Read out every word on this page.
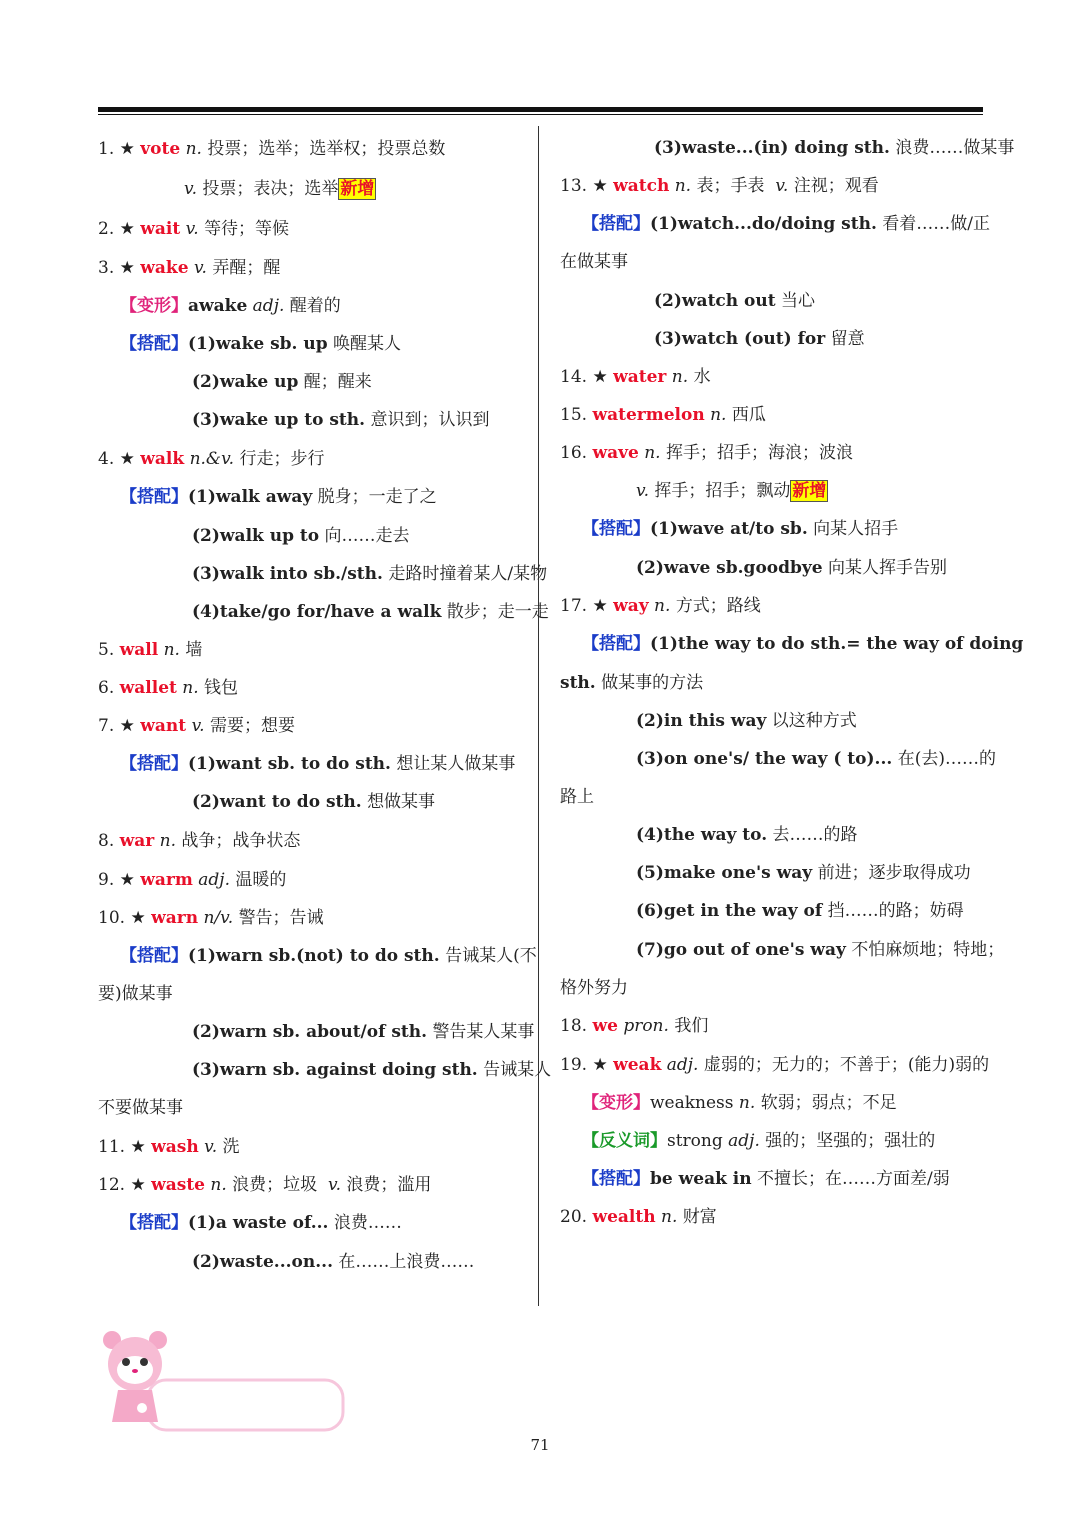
1. ★ vote n. 投票；选举；选举权；投票总数
v. 投票；表决；选举 新增
2. ★ wait v. 等待；等候
3. ★ wake v. 弄醒；醒
【变形】awake adj. 醒着的
【搭配】(1)wake sb. up 唤醒某人
(2)wake up 醒；醒来
(3)wake up to sth. 意识到；认识到
4. ★ walk n.&v. 行走；步行
【搭配】(1)walk away 脱身；一走了之
(2)walk up to 向……走去
(3)walk into sb./sth. 走路时撞着某人/某物
(4)take/go for/have a walk 散步；走一走
5. wall n. 墙
6. wallet n. 钱包
7. ★ want v. 需要；想要
【搭配】(1)want sb. to do sth. 想让某人做某事
(2)want to do sth. 想做某事
8. war n. 战争；战争状态
9. ★ warm adj. 温暖的
10. ★ warn n/v. 警告；告诫
【搭配】(1)warn sb.(not) to do sth. 告诫某人(不
要)做某事
(2)warn sb. about/of sth. 警告某人某事
(3)warn sb. against doing sth. 告诫某人
不要做某事
11. ★ wash v. 洗
12. ★ waste n. 浪费；垃圾 v. 浪费；滥用
【搭配】(1)a waste of... 浪费……
(2)waste...on... 在……上浪费……
(3)waste...(in) doing sth. 浪费……做某事
13. ★ watch n. 表；手表 v. 注视；观看
【搭配】(1)watch...do/doing sth. 看着……做/正
在做某事
(2)watch out 当心
(3)watch (out) for 留意
14. ★ water n. 水
15. watermelon n. 西瓜
16. wave n. 挥手；招手；海浪；波浪
v. 挥手；招手；飘动 新增
【搭配】(1)wave at/to sb. 向某人招手
(2)wave sb.goodbye 向某人挥手告别
17. ★ way n. 方式；路线
【搭配】(1)the way to do sth.= the way of doing
sth. 做某事的方法
(2)in this way 以这种方式
(3)on one's/ the way ( to)... 在(去)……的
路上
(4)the way to. 去……的路
(5)make one's way 前进；逐步取得成功
(6)get in the way of 挡……的路；妨碍
(7)go out of one's way 不怕麻烦地；特地；
格外努力
18. we pron. 我们
19. ★ weak adj. 虚弱的；无力的；不善于；(能力)弱的
【变形】weakness n. 软弱；弱点；不足
【反义词】strong adj. 强的；坚强的；强壮的
【搭配】be weak in 不擅长；在……方面差/弱
20. wealth n. 财富
71
